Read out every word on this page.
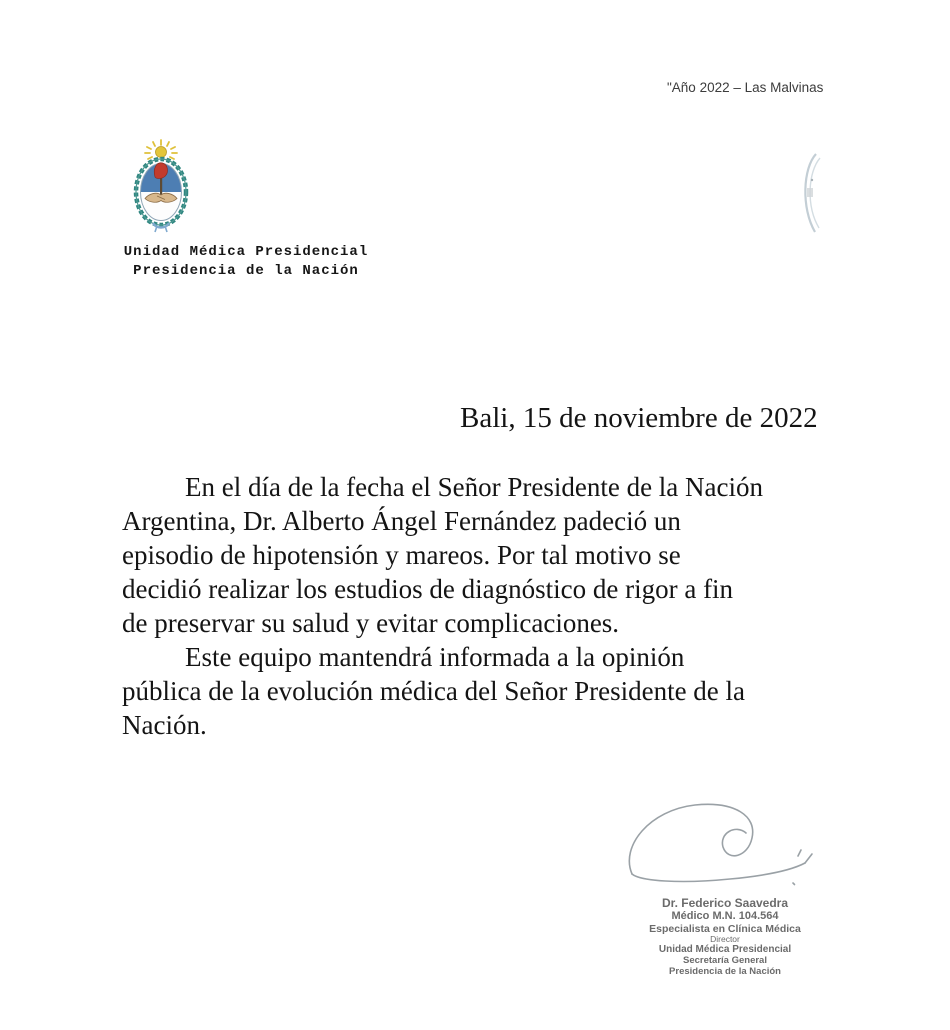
"Año 2022 – Las Malvinas
Unidad Médica Presidencial
Presidencia de la Nación
Bali, 15 de noviembre de 2022
En el día de la fecha el Señor Presidente de la Nación
Argentina, Dr. Alberto Ángel Fernández padeció un
episodio de hipotensión y mareos. Por tal motivo se
decidió realizar los estudios de diagnóstico de rigor a fin
de preservar su salud y evitar complicaciones.
Este equipo mantendrá informada a la opinión
pública de la evolución médica del Señor Presidente de la
Nación.
Dr. Federico Saavedra
Médico M.N. 104.564
Especialista en Clínica Médica
Director
Unidad Médica Presidencial
Secretaría General
Presidencia de la Nación
